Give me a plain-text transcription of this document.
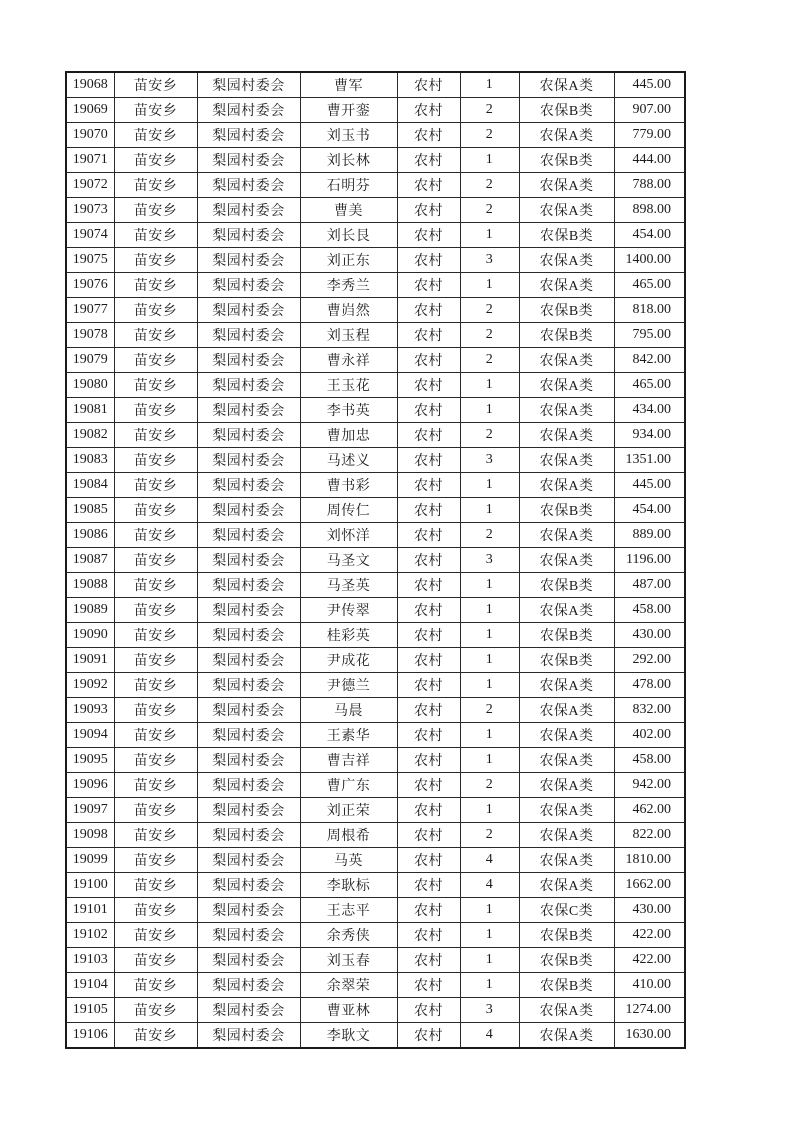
19068	苗安乡	梨园村委会	曹军	农村	1	农保A类	445.00
19069	苗安乡	梨园村委会	曹开銮	农村	2	农保B类	907.00
19070	苗安乡	梨园村委会	刘玉书	农村	2	农保A类	779.00
19071	苗安乡	梨园村委会	刘长林	农村	1	农保B类	444.00
19072	苗安乡	梨园村委会	石明芬	农村	2	农保A类	788.00
19073	苗安乡	梨园村委会	曹美	农村	2	农保A类	898.00
19074	苗安乡	梨园村委会	刘长艮	农村	1	农保B类	454.00
19075	苗安乡	梨园村委会	刘正东	农村	3	农保A类	1400.00
19076	苗安乡	梨园村委会	李秀兰	农村	1	农保A类	465.00
19077	苗安乡	梨园村委会	曹岿然	农村	2	农保B类	818.00
19078	苗安乡	梨园村委会	刘玉程	农村	2	农保B类	795.00
19079	苗安乡	梨园村委会	曹永祥	农村	2	农保A类	842.00
19080	苗安乡	梨园村委会	王玉花	农村	1	农保A类	465.00
19081	苗安乡	梨园村委会	李书英	农村	1	农保A类	434.00
19082	苗安乡	梨园村委会	曹加忠	农村	2	农保A类	934.00
19083	苗安乡	梨园村委会	马述义	农村	3	农保A类	1351.00
19084	苗安乡	梨园村委会	曹书彩	农村	1	农保A类	445.00
19085	苗安乡	梨园村委会	周传仁	农村	1	农保B类	454.00
19086	苗安乡	梨园村委会	刘怀洋	农村	2	农保A类	889.00
19087	苗安乡	梨园村委会	马圣文	农村	3	农保A类	1196.00
19088	苗安乡	梨园村委会	马圣英	农村	1	农保B类	487.00
19089	苗安乡	梨园村委会	尹传翠	农村	1	农保A类	458.00
19090	苗安乡	梨园村委会	桂彩英	农村	1	农保B类	430.00
19091	苗安乡	梨园村委会	尹成花	农村	1	农保B类	292.00
19092	苗安乡	梨园村委会	尹德兰	农村	1	农保A类	478.00
19093	苗安乡	梨园村委会	马晨	农村	2	农保A类	832.00
19094	苗安乡	梨园村委会	王素华	农村	1	农保A类	402.00
19095	苗安乡	梨园村委会	曹吉祥	农村	1	农保A类	458.00
19096	苗安乡	梨园村委会	曹广东	农村	2	农保A类	942.00
19097	苗安乡	梨园村委会	刘正荣	农村	1	农保A类	462.00
19098	苗安乡	梨园村委会	周根希	农村	2	农保A类	822.00
19099	苗安乡	梨园村委会	马英	农村	4	农保A类	1810.00
19100	苗安乡	梨园村委会	李耿标	农村	4	农保A类	1662.00
19101	苗安乡	梨园村委会	王志平	农村	1	农保C类	430.00
19102	苗安乡	梨园村委会	余秀侠	农村	1	农保B类	422.00
19103	苗安乡	梨园村委会	刘玉春	农村	1	农保B类	422.00
19104	苗安乡	梨园村委会	余翠荣	农村	1	农保B类	410.00
19105	苗安乡	梨园村委会	曹亚林	农村	3	农保A类	1274.00
19106	苗安乡	梨园村委会	李耿文	农村	4	农保A类	1630.00
